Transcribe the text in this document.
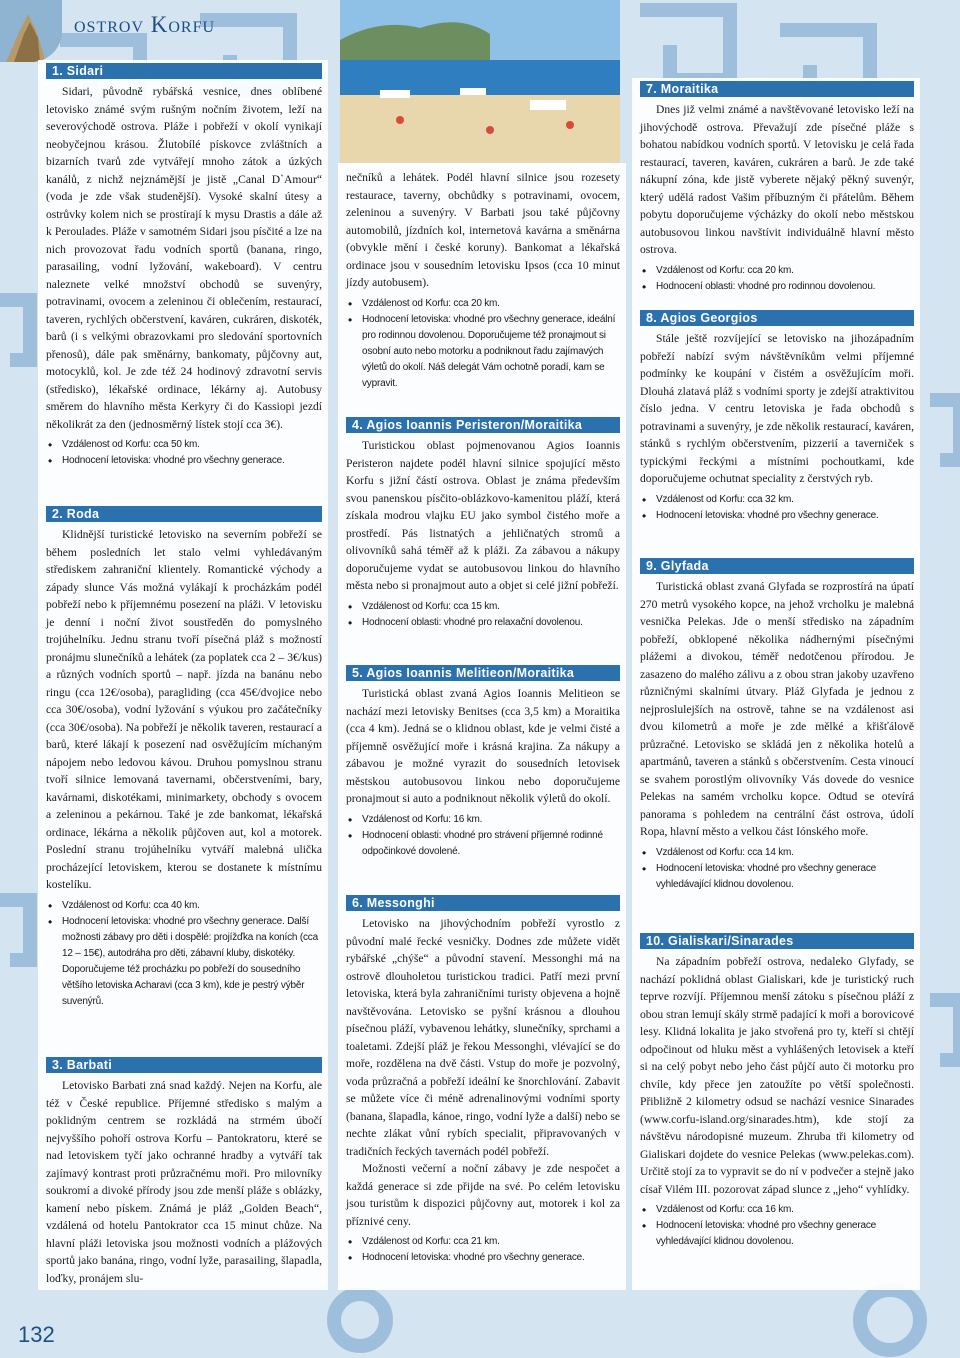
ostrov Korfu
1. Sidari

Sidari, původně rybářská vesnice, dnes oblíbené letovisko známé svým rušným nočním životem, leží na severovýchodě ostrova. Pláže i pobřeží v okolí vynikají neobyčejnou krásou. Žlutobílé pískovce zvláštních a bizarních tvarů zde vytvářejí mnoho zátok a úzkých kanálů, z nichž nejznámější je jistě „Canal D`Amour“ (voda je zde však studenější). Vysoké skalní útesy a ostrůvky kolem nich se prostírají k mysu Drastis a dále až k Peroulades. Pláže v samotném Sidari jsou písčité a lze na nich provozovat řadu vodních sportů (banana, ringo, parasailing, vodní lyžování, wakeboard). V centru naleznete velké množství obchodů se suvenýry, potravinami, ovocem a zeleninou či oblečením, restaurací, taveren, rychlých občerstvení, kaváren, cukráren, diskoték, barů (i s velkými obrazovkami pro sledování sportovních přenosů), dále pak směnárny, bankomaty, půjčovny aut, motocyklů, kol. Je zde též 24 hodinový zdravotní servis (středisko), lékařské ordinace, lékárny aj. Autobusy směrem do hlavního města Kerkyry či do Kassiopi jezdí několikrát za den (jednosměrný lístek stojí cca 3€).

• Vzdálenost od Korfu: cca 50 km.
• Hodnocení letoviska: vhodné pro všechny generace.
2. Roda

Klidnější turistické letovisko na severním pobřeží se během posledních let stalo velmi vyhledávaným střediskem zahraniční klientely. Romantické východy a západy slunce Vás možná vylákají k procházkám podél pobřeží nebo k příjemnému posezení na pláži. V letovisku je denní i noční život soustředěn do pomyslného trojúhelníku. Jednu stranu tvoří písečná pláž s možností pronájmu slunečníků a lehátek (za poplatek cca 2 – 3€/kus) a různých vodních sportů – např. jízda na banánu nebo ringu (cca 12€/osoba), paragliding (cca 45€/dvojice nebo cca 30€/osoba), vodní lyžování s výukou pro začátečníky (cca 30€/osoba). Na pobřeží je několik taveren, restaurací a barů, které lákají k posezení nad osvěžujícím míchaným nápojem nebo ledovou kávou. Druhou pomyslnou stranu tvoří silnice lemovaná tavernami, občerstveními, bary, kavárnami, diskotékami, minimarkety, obchody s ovocem a zeleninou a pekárnou. Také je zde bankomat, lékařská ordinace, lékárna a několik půjčoven aut, kol a motorek. Poslední stranu trojúhelníku vytváří malebná ulička procházející letoviskem, kterou se dostanete k místnímu kostelíku.

• Vzdálenost od Korfu: cca 40 km.
• Hodnocení letoviska: vhodné pro všechny generace. Další možnosti zábavy pro děti i dospělé: projížďka na koních (cca 12 – 15€), autodráha pro děti, zábavní kluby, diskotéky. Doporučujeme též procházku po pobřeží do sousedního většího letoviska Acharavi (cca 3 km), kde je pestrý výběr suvenýrů.
3. Barbati

Letovisko Barbati zná snad každý. Nejen na Korfu, ale též v České republice. Příjemné středisko s malým a poklidným centrem se rozkládá na strmém úbočí nejvyššího pohoří ostrova Korfu – Pantokratoru, které se nad letoviskem tyčí jako ochranné hradby a vytváří tak zajímavý kontrast proti průzračnému moři. Pro milovníky soukromí a divoké přírody jsou zde menší pláže s oblázky, kamení nebo pískem. Známá je pláž „Golden Beach“, vzdálená od hotelu Pantokrator cca 15 minut chůze. Na hlavní pláži letoviska jsou možnosti vodních a plážových sportů jako banána, ringo, vodní lyže, parasailing, šlapadla, loďky, pronájem slu-

nečníků a lehátek. Podél hlavní silnice jsou rozesety restaurace, taverny, obchůdky s potravinami, ovocem, zeleninou a suvenýry. V Barbati jsou také půjčovny automobilů, jízdních kol, internetová kavárna a směnárna (obvykle mění i české koruny). Bankomat a lékařská ordinace jsou v sousedním letovisku Ipsos (cca 10 minut jízdy autobusem).

• Vzdálenost od Korfu: cca 20 km.
• Hodnocení letoviska: vhodné pro všechny generace, ideální pro rodinnou dovolenou. Doporučujeme též pronajmout si osobní auto nebo motorku a podniknout řadu zajímavých výletů do okolí. Náš delegát Vám ochotně poradí, kam se vypravit.
4. Agios Ioannis Peristeron/Moraitika

Turistickou oblast pojmenovanou Agios Ioannis Peristeron najdete podél hlavní silnice spojující město Korfu s jižní částí ostrova. Oblast je známa především svou panenskou písčito-oblázkovo-kamenitou pláží, která získala modrou vlajku EU jako symbol čistého moře a prostředí. Pás listnatých a jehličnatých stromů a olivovníků sahá téměř až k pláži. Za zábavou a nákupy doporučujeme vydat se autobusovou linkou do hlavního města nebo si pronajmout auto a objet si celé jižní pobřeží.

• Vzdálenost od Korfu: cca 15 km.
• Hodnocení oblasti: vhodné pro relaxační dovolenou.
5. Agios Ioannis Melitieon/Moraitika

Turistická oblast zvaná Agios Ioannis Melitieon se nachází mezi letovisky Benitses (cca 3,5 km) a Moraitika (cca 4 km). Jedná se o klidnou oblast, kde je velmi čisté a příjemně osvěžující moře i krásná krajina. Za nákupy a zábavou je možné vyrazit do sousedních letovisek městskou autobusovou linkou nebo doporučujeme pronajmout si auto a podniknout několik výletů do okolí.

• Vzdálenost od Korfu: 16 km.
• Hodnocení oblasti: vhodné pro strávení příjemné rodinné odpočinkové dovolené.
6. Messonghi

Letovisko na jihovýchodním pobřeží vyrostlo z původní malé řecké vesničky. Dodnes zde můžete vidět rybářské „chýše“ a původní stavení. Messonghi má na ostrově dlouholetou turistickou tradici. Patří mezi první letoviska, která byla zahraničními turisty objevena a hojně navštěvována. Letovisko se pyšní krásnou a dlouhou písečnou pláží, vybavenou lehátky, slunečníky, sprchami a toaletami. Zdejší pláž je řekou Messonghi, vlévající se do moře, rozdělena na dvě části. Vstup do moře je pozvolný, voda průzračná a pobřeží ideální ke šnorchlování. Zabavit se můžete více či méně adrenalinovými vodními sporty (banana, šlapadla, kánoe, ringo, vodní lyže a další) nebo se nechte zlákat vůní rybích specialit, připravovaných v tradičních řeckých tavernách podél pobřeží.

Možnosti večerní a noční zábavy je zde nespočet a každá generace si zde přijde na své. Po celém letovisku jsou turistům k dispozici půjčovny aut, motorek i kol za příznivé ceny.

• Vzdálenost od Korfu: cca 21 km.
• Hodnocení letoviska: vhodné pro všechny generace.
7. Moraitika

Dnes již velmi známé a navštěvované letovisko leží na jihovýchodě ostrova. Převažují zde písečné pláže s bohatou nabídkou vodních sportů. V letovisku je celá řada restaurací, taveren, kaváren, cukráren a barů. Je zde také nákupní zóna, kde jistě vyberete nějaký pěkný suvenýr, který udělá radost Vašim příbuzným či přátelům. Během pobytu doporučujeme výcházky do okolí nebo městskou autobusovou linkou navštívit individuálně hlavní město ostrova.

• Vzdálenost od Korfu: cca 20 km.
• Hodnocení oblasti: vhodné pro rodinnou dovolenou.
8. Agios Georgios

Stále ještě rozvíjející se letovisko na jihozápadním pobřeží nabízí svým návštěvníkům velmi příjemné podmínky ke koupání v čistém a osvěžujícím moři. Dlouhá zlatavá pláž s vodními sporty je zdejší atraktivitou číslo jedna. V centru letoviska je řada obchodů s potravinami a suvenýry, je zde několik restaurací, kaváren, stánků s rychlým občerstvením, pizzerií a taverniček s typickými řeckými a místními pochoutkami, kde doporučujeme ochutnat speciality z čerstvých ryb.

• Vzdálenost od Korfu: cca 32 km.
• Hodnocení letoviska: vhodné pro všechny generace.
9. Glyfada

Turistická oblast zvaná Glyfada se rozprostírá na úpatí 270 metrů vysokého kopce, na jehož vrcholku je malebná vesnička Pelekas. Jde o menší středisko na západním pobřeží, obklopené několika nádhernými písečnými plážemi a divokou, téměř nedotčenou přírodou. Je zasazeno do malého zálivu a z obou stran jakoby uzavřeno různičnými skalními útvary. Pláž Glyfada je jednou z nejproslulejších na ostrově, tahne se na vzdálenost asi dvou kilometrů a moře je zde mělké a křišťálově průzračné. Letovisko se skládá jen z několika hotelů a apartmánů, taveren a stánků s občerstvením. Cesta vinoucí se svahem porostlým olivovníky Vás dovede do vesnice Pelekas na samém vrcholku kopce. Odtud se otevírá panorama s pohledem na centrální část ostrova, údolí Ropa, hlavní město a velkou část Iónského moře.

• Vzdálenost od Korfu: cca 14 km.
• Hodnocení letoviska: vhodné pro všechny generace vyhledávající klidnou dovolenou.
10. Gialiskari/Sinarades

Na západním pobřeží ostrova, nedaleko Glyfady, se nachází poklidná oblast Gialiskari, kde je turistický ruch teprve rozvíjí. Příjemnou menší zátoku s písečnou pláží z obou stran lemují skály strmě padající k moři a borovicové lesy. Klidná lokalita je jako stvořená pro ty, kteří si chtějí odpočinout od hluku měst a vyhlášených letovisek a kteří si na celý pobyt nebo jeho část půjčí auto či motorku pro chvíle, kdy přece jen zatoužíte po větší společnosti. Přibližně 2 kilometry odsud se nachází vesnice Sinarades (www.corfu-island.org/sinarades.htm), kde stojí za návštěvu národopisné muzeum. Zhruba tři kilometry od Gialiskari dojdete do vesnice Pelekas (www.pelekas.com). Určitě stojí za to vypravit se do ní v podvečer a stejně jako císař Vilém III. pozorovat západ slunce z „jeho“ vyhlídky.

• Vzdálenost od Korfu: cca 16 km.
• Hodnocení letoviska: vhodné pro všechny generace vyhledávající klidnou dovolenou.
132
